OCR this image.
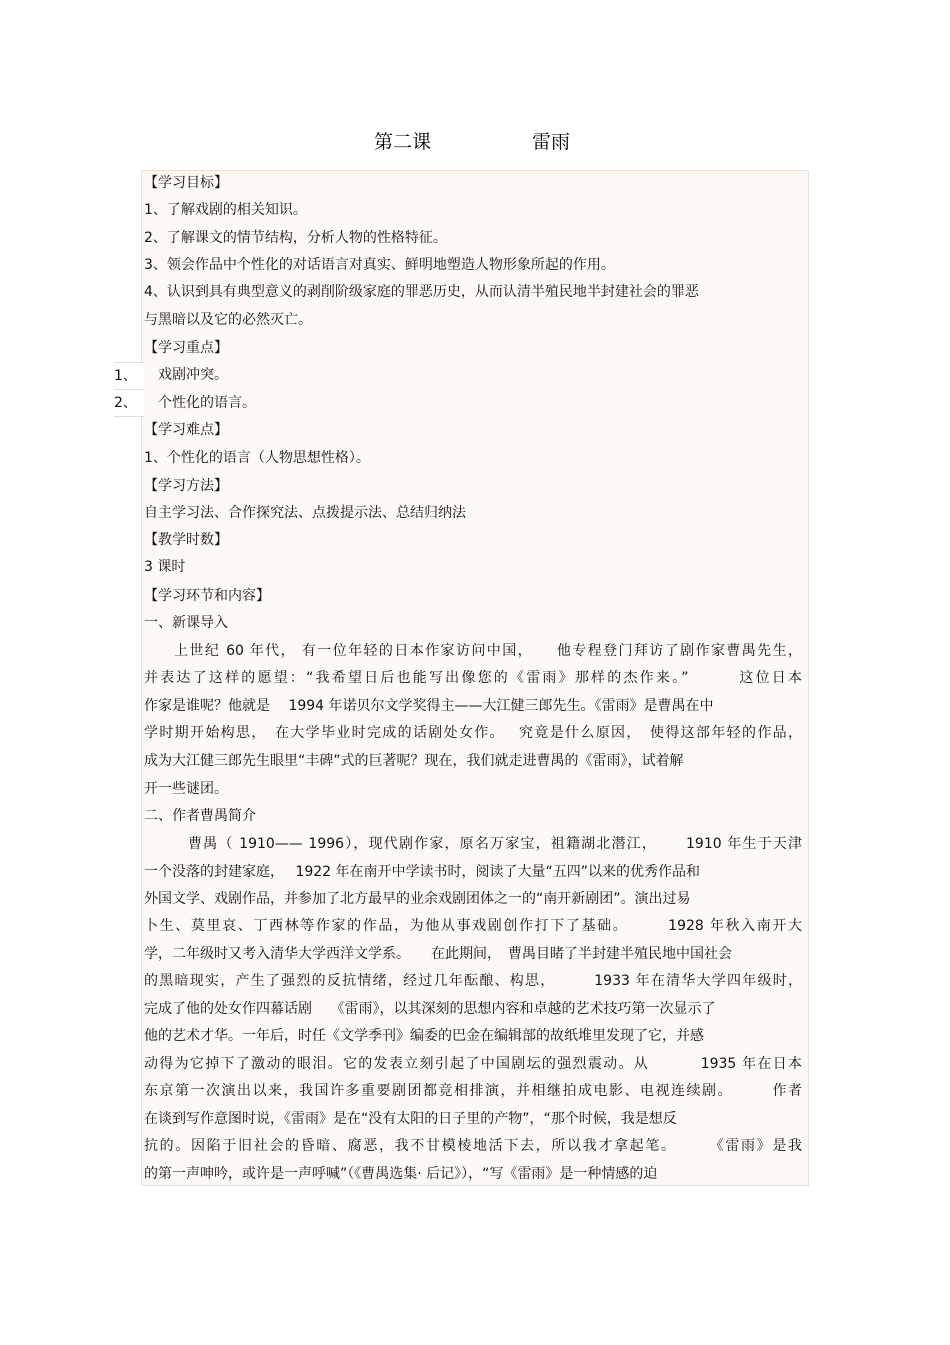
第二课	雷雨
【学习目标】
1、了解戏剧的相关知识。
2、了解课文的情节结构，分析人物的性格特征。
3、领会作品中个性化的对话语言对真实、鲜明地塑造人物形象所起的作用。
4、认识到具有典型意义的剥削阶级家庭的罪恶历史，从而认清半殖民地半封建社会的罪恶
与黑暗以及它的必然灭亡。
【学习重点】
1、	戏剧冲突。
2、	个性化的语言。
【学习难点】
1、个性化的语言（人物思想性格）。
【学习方法】
自主学习法、合作探究法、点拨提示法、总结归纳法
【教学时数】
3 课时
【学习环节和内容】
一、新课导入
上世纪 60 年代， 有一位年轻的日本作家访问中国，　　他专程登门拜访了剧作家曹禺先生，
并表达了这样的愿望：“我希望日后也能写出像您的《雷雨》那样的杰作来。”　　　这位日本
作家是谁呢？他就是　 1994 年诺贝尔文学奖得主——大江健三郎先生。《雷雨》是曹禺在中
学时期开始构思，　在大学毕业时完成的话剧处女作。　 究竟是什么原因，　使得这部年轻的作品，
成为大江健三郎先生眼里“丰碑”式的巨著呢？现在，我们就走进曹禺的《雷雨》，试着解
开一些谜团。
二、作者曹禺简介
曹禺（ 1910—— 1996），现代剧作家，原名万家宝，祖籍湖北潜江，　　 1910 年生于天津
一个没落的封建家庭，　 1922 年在南开中学读书时，阅读了大量“五四”以来的优秀作品和
外国文学、戏剧作品，并参加了北方最早的业余戏剧团体之一的“南开新剧团”。演出过易
卜生、莫里哀、丁西林等作家的作品，为他从事戏剧创作打下了基础。　　　1928 年秋入南开大
学，二年级时又考入清华大学西洋文学系。　　在此期间，　曹禺目睹了半封建半殖民地中国社会
的黑暗现实，产生了强烈的反抗情绪，经过几年酝酿、构思，　　　1933 年在清华大学四年级时，
完成了他的处女作四幕话剧　 《雷雨》，以其深刻的思想内容和卓越的艺术技巧第一次显示了
他的艺术才华。一年后，时任《文学季刊》编委的巴金在编辑部的故纸堆里发现了它，并感
动得为它掉下了激动的眼泪。它的发表立刻引起了中国剧坛的强烈震动。从　　　 1935 年在日本
东京第一次演出以来，我国许多重要剧团都竞相排演，并相继拍成电影、电视连续剧。　　　作者
在谈到写作意图时说，《雷雨》是在“没有太阳的日子里的产物”，“那个时候，我是想反
抗的。因陷于旧社会的昏暗、腐恶，我不甘模棱地活下去，所以我才拿起笔。　　　《雷雨》是我
的第一声呻吟，或许是一声呼喊”（《曹禺选集· 后记》），“写《雷雨》是一种情感的迫
